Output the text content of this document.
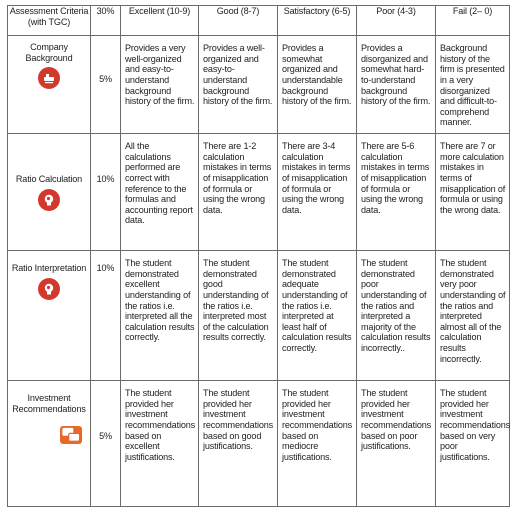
Assessment Criteria (with TGC)	30%	Excellent (10-9)	Good (8-7)	Satisfactory (6-5)	Poor (4-3)	Fail (2– 0)

Company Background	5%	Provides a very well-organized and easy-to-understand background history of the firm.	Provides a well-organized and easy-to-understand background history of the firm.	Provides a somewhat organized and understandable background history of the firm.	Provides a disorganized and somewhat hard-to-understand background history of the firm.	Background history of the firm is presented in a very disorganized and difficult-to-comprehend manner.

Ratio Calculation	10%	All the calculations performed are correct with reference to the formulas and accounting report data.	There are 1-2 calculation mistakes in terms of misapplication of formula or using the wrong data.	There are 3-4 calculation mistakes in terms of misapplication of formula or using the wrong data.	There are 5-6 calculation mistakes in terms of misapplication of formula or using the wrong data.	There are 7 or more calculation mistakes in terms of misapplication of formula or using the wrong data.

Ratio Interpretation	10%	The student demonstrated excellent understanding of the ratios i.e. interpreted all the calculation results correctly.	The student demonstrated good understanding of the ratios i.e. interpreted most of the calculation results correctly.	The student demonstrated adequate understanding of the ratios i.e. interpreted at least half of calculation results correctly.	The student demonstrated poor understanding of the ratios and interpreted a majority of the calculation results incorrectly..	The student demonstrated very poor understanding of the ratios and interpreted almost all of the calculation results incorrectly.

Investment Recommendations	5%	The student provided her investment recommendations based on excellent justifications.	The student provided her investment recommendations based on good justifications.	The student provided her investment recommendations based on mediocre justifications.	The student provided her investment recommendations based on poor justifications.	The student provided her investment recommendations based on very poor justifications.
